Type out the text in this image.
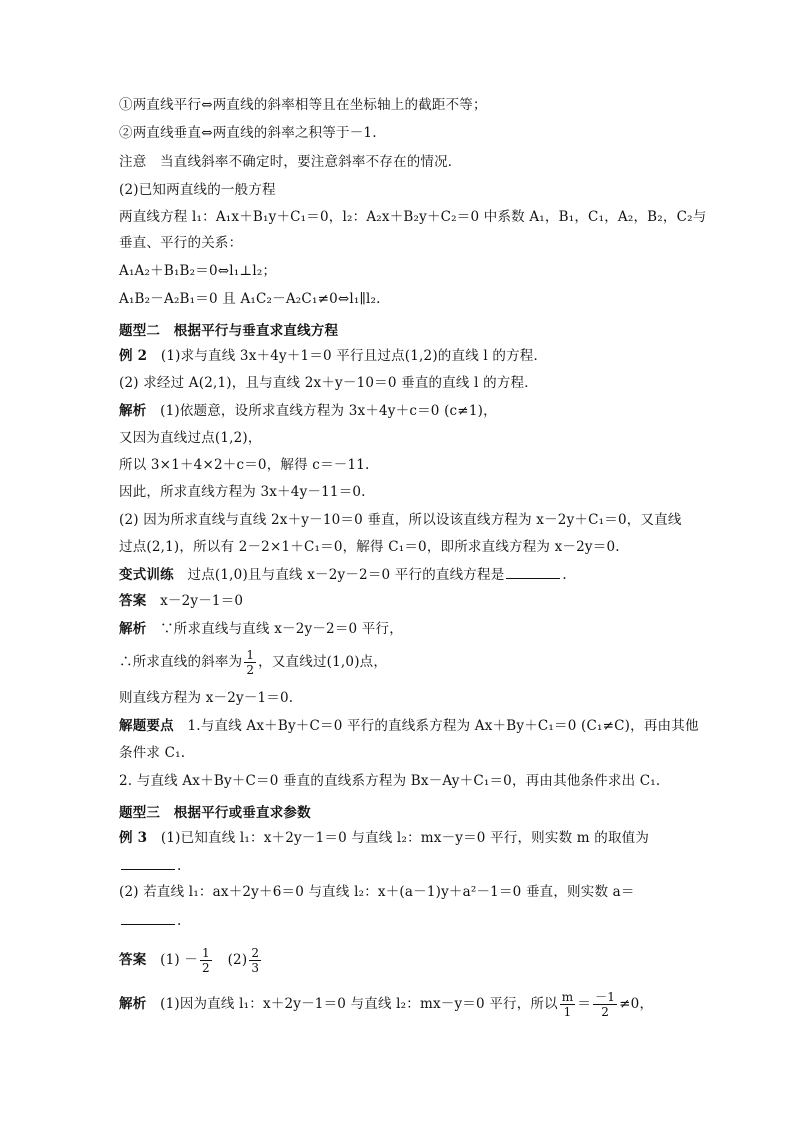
①两直线平行⇔两直线的斜率相等且在坐标轴上的截距不等；
②两直线垂直⇔两直线的斜率之积等于－1.
注意　当直线斜率不确定时，要注意斜率不存在的情况．
(2)已知两直线的一般方程
两直线方程 l₁：A₁x＋B₁y＋C₁＝0，l₂：A₂x＋B₂y＋C₂＝0 中系数 A₁，B₁，C₁，A₂，B₂，C₂与
垂直、平行的关系：
A₁A₂＋B₁B₂＝0⇔l₁⊥l₂；
A₁B₂－A₂B₁＝0 且 A₁C₂－A₂C₁≠0⇔l₁∥l₂.
题型二　根据平行与垂直求直线方程
例 2　(1)求与直线 3x＋4y＋1＝0 平行且过点(1,2)的直线 l 的方程．
(2) 求经过 A(2,1)，且与直线 2x＋y－10＝0 垂直的直线 l 的方程．
解析　(1)依题意，设所求直线方程为 3x＋4y＋c＝0 (c≠1)，
又因为直线过点(1,2)，
所以 3×1＋4×2＋c＝0，解得 c＝－11.
因此，所求直线方程为 3x＋4y－11＝0.
(2) 因为所求直线与直线 2x＋y－10＝0 垂直，所以设该直线方程为 x－2y＋C₁＝0，又直线
过点(2,1)，所以有 2－2×1＋C₁＝0，解得 C₁＝0，即所求直线方程为 x－2y＝0.
变式训练　过点(1,0)且与直线 x－2y－2＝0 平行的直线方程是	.
答案　x－2y－1＝0
解析　∵所求直线与直线 x－2y－2＝0 平行，
∴所求直线的斜率为 $\frac{1}{2}$ ，又直线过(1,0)点，
则直线方程为 x－2y－1＝0.
解题要点　1.与直线 Ax＋By＋C＝0 平行的直线系方程为 Ax＋By＋C₁＝0 (C₁≠C)，再由其他
条件求 C₁.
2. 与直线 Ax＋By＋C＝0 垂直的直线系方程为 Bx－Ay＋C₁＝0，再由其他条件求出 C₁.
题型三　根据平行或垂直求参数
例 3　(1)已知直线 l₁：x＋2y－1＝0 与直线 l₂：mx－y＝0 平行，则实数 m 的取值为
.
(2) 若直线 l₁：ax＋2y＋6＝0 与直线 l₂：x＋(a－1)y＋a²－1＝0 垂直，则实数 a＝
.
答案　$(1) - \frac{1}{2}$ 　$(2) \frac{2}{3}$
解析　(1)因为直线 l₁：x＋2y－1＝0 与直线 l₂：mx－y＝0 平行，所以 $\frac{m}{1} = \frac{-1}{2} \ne 0$，
